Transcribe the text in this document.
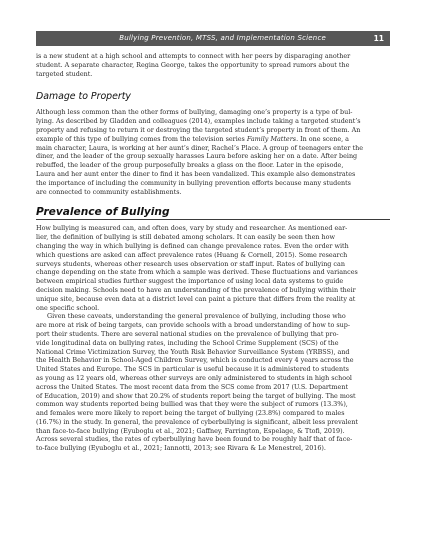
Bullying Prevention, MTSS, and Implementation Science	11
is a new student at a high school and attempts to connect with her peers by disparaging another
student. A separate character, Regina George, takes the opportunity to spread rumors about the
targeted student.
Damage to Property
Although less common than the other forms of bullying, damaging one’s property is a type of bul-
lying. As described by Gladden and colleagues (2014), examples include taking a targeted student’s
property and refusing to return it or destroying the targeted student’s property in front of them. An
example of this type of bullying comes from the television series Family Matters. In one scene, a
main character, Laura, is working at her aunt’s diner, Rachel’s Place. A group of teenagers enter the
diner, and the leader of the group sexually harasses Laura before asking her on a date. After being
rebuffed, the leader of the group purposefully breaks a glass on the floor. Later in the episode,
Laura and her aunt enter the diner to find it has been vandalized. This example also demonstrates
the importance of including the community in bullying prevention efforts because many students
are connected to community establishments.
Prevalence of Bullying
How bullying is measured can, and often does, vary by study and researcher. As mentioned ear-
lier, the definition of bullying is still debated among scholars. It can easily be seen then how
changing the way in which bullying is defined can change prevalence rates. Even the order with
which questions are asked can affect prevalence rates (Huang & Cornell, 2015). Some research
surveys students, whereas other research uses observation or staff input. Rates of bullying can
change depending on the state from which a sample was derived. These fluctuations and variances
between empirical studies further suggest the importance of using local data systems to guide
decision making. Schools need to have an understanding of the prevalence of bullying within their
unique site, because even data at a district level can paint a picture that differs from the reality at
one specific school.
Given these caveats, understanding the general prevalence of bullying, including those who
are more at risk of being targets, can provide schools with a broad understanding of how to sup-
port their students. There are several national studies on the prevalence of bullying that pro-
vide longitudinal data on bullying rates, including the School Crime Supplement (SCS) of the
National Crime Victimization Survey, the Youth Risk Behavior Surveillance System (YRBSS), and
the Health Behavior in School-Aged Children Survey, which is conducted every 4 years across the
United States and Europe. The SCS in particular is useful because it is administered to students
as young as 12 years old, whereas other surveys are only administered to students in high school
across the United States. The most recent data from the SCS come from 2017 (U.S. Department
of Education, 2019) and show that 20.2% of students report being the target of bullying. The most
common way students reported being bullied was that they were the subject of rumors (13.3%),
and females were more likely to report being the target of bullying (23.8%) compared to males
(16.7%) in the study. In general, the prevalence of cyberbullying is significant, albeit less prevalent
than face-to-face bullying (Eyuboglu et al., 2021; Gaffney, Farrington, Espelage, & Ttofi, 2019).
Across several studies, the rates of cyberbullying have been found to be roughly half that of face-
to-face bullying (Eyuboglu et al., 2021; Iannotti, 2013; see Rivara & Le Menestrel, 2016).
